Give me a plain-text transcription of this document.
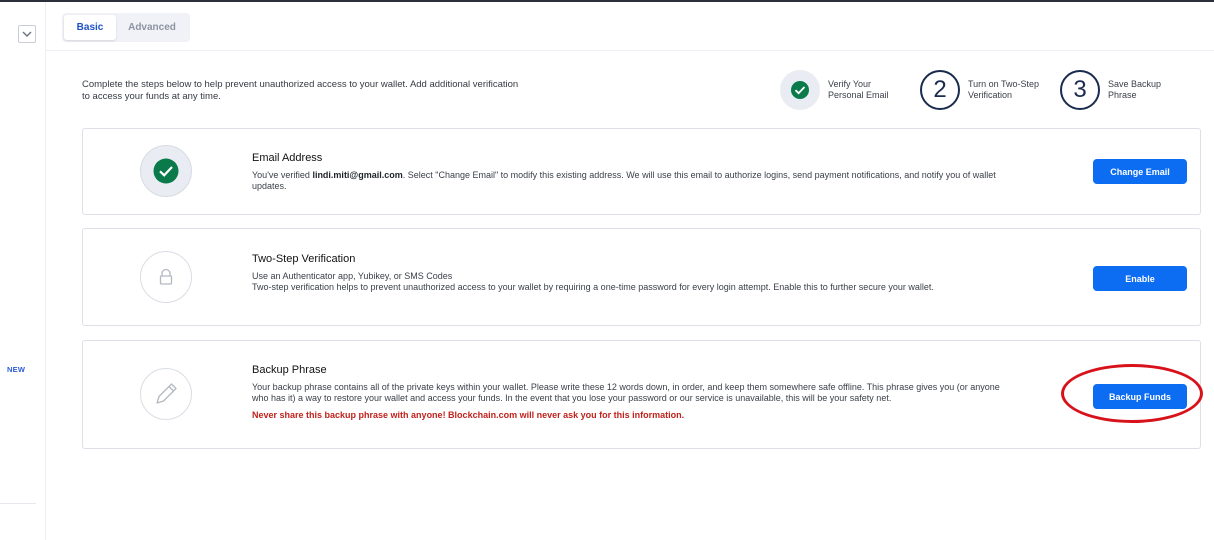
NEW
Basic	Advanced

Complete the steps below to help prevent unauthorized access to your wallet. Add additional verification to access your funds at any time.

Verify Your Personal Email	2	Turn on Two-Step Verification	3	Save Backup Phrase
Email Address
You've verified lindi.miti@gmail.com. Select "Change Email" to modify this existing address. We will use this email to authorize logins, send payment notifications, and notify you of wallet updates.
Change Email
Two-Step Verification
Use an Authenticator app, Yubikey, or SMS Codes
Two-step verification helps to prevent unauthorized access to your wallet by requiring a one-time password for every login attempt. Enable this to further secure your wallet.
Enable
Backup Phrase
Your backup phrase contains all of the private keys within your wallet. Please write these 12 words down, in order, and keep them somewhere safe offline. This phrase gives you (or anyone who has it) a way to restore your wallet and access your funds. In the event that you lose your password or our service is unavailable, this will be your safety net.
Never share this backup phrase with anyone! Blockchain.com will never ask you for this information.
Backup Funds
